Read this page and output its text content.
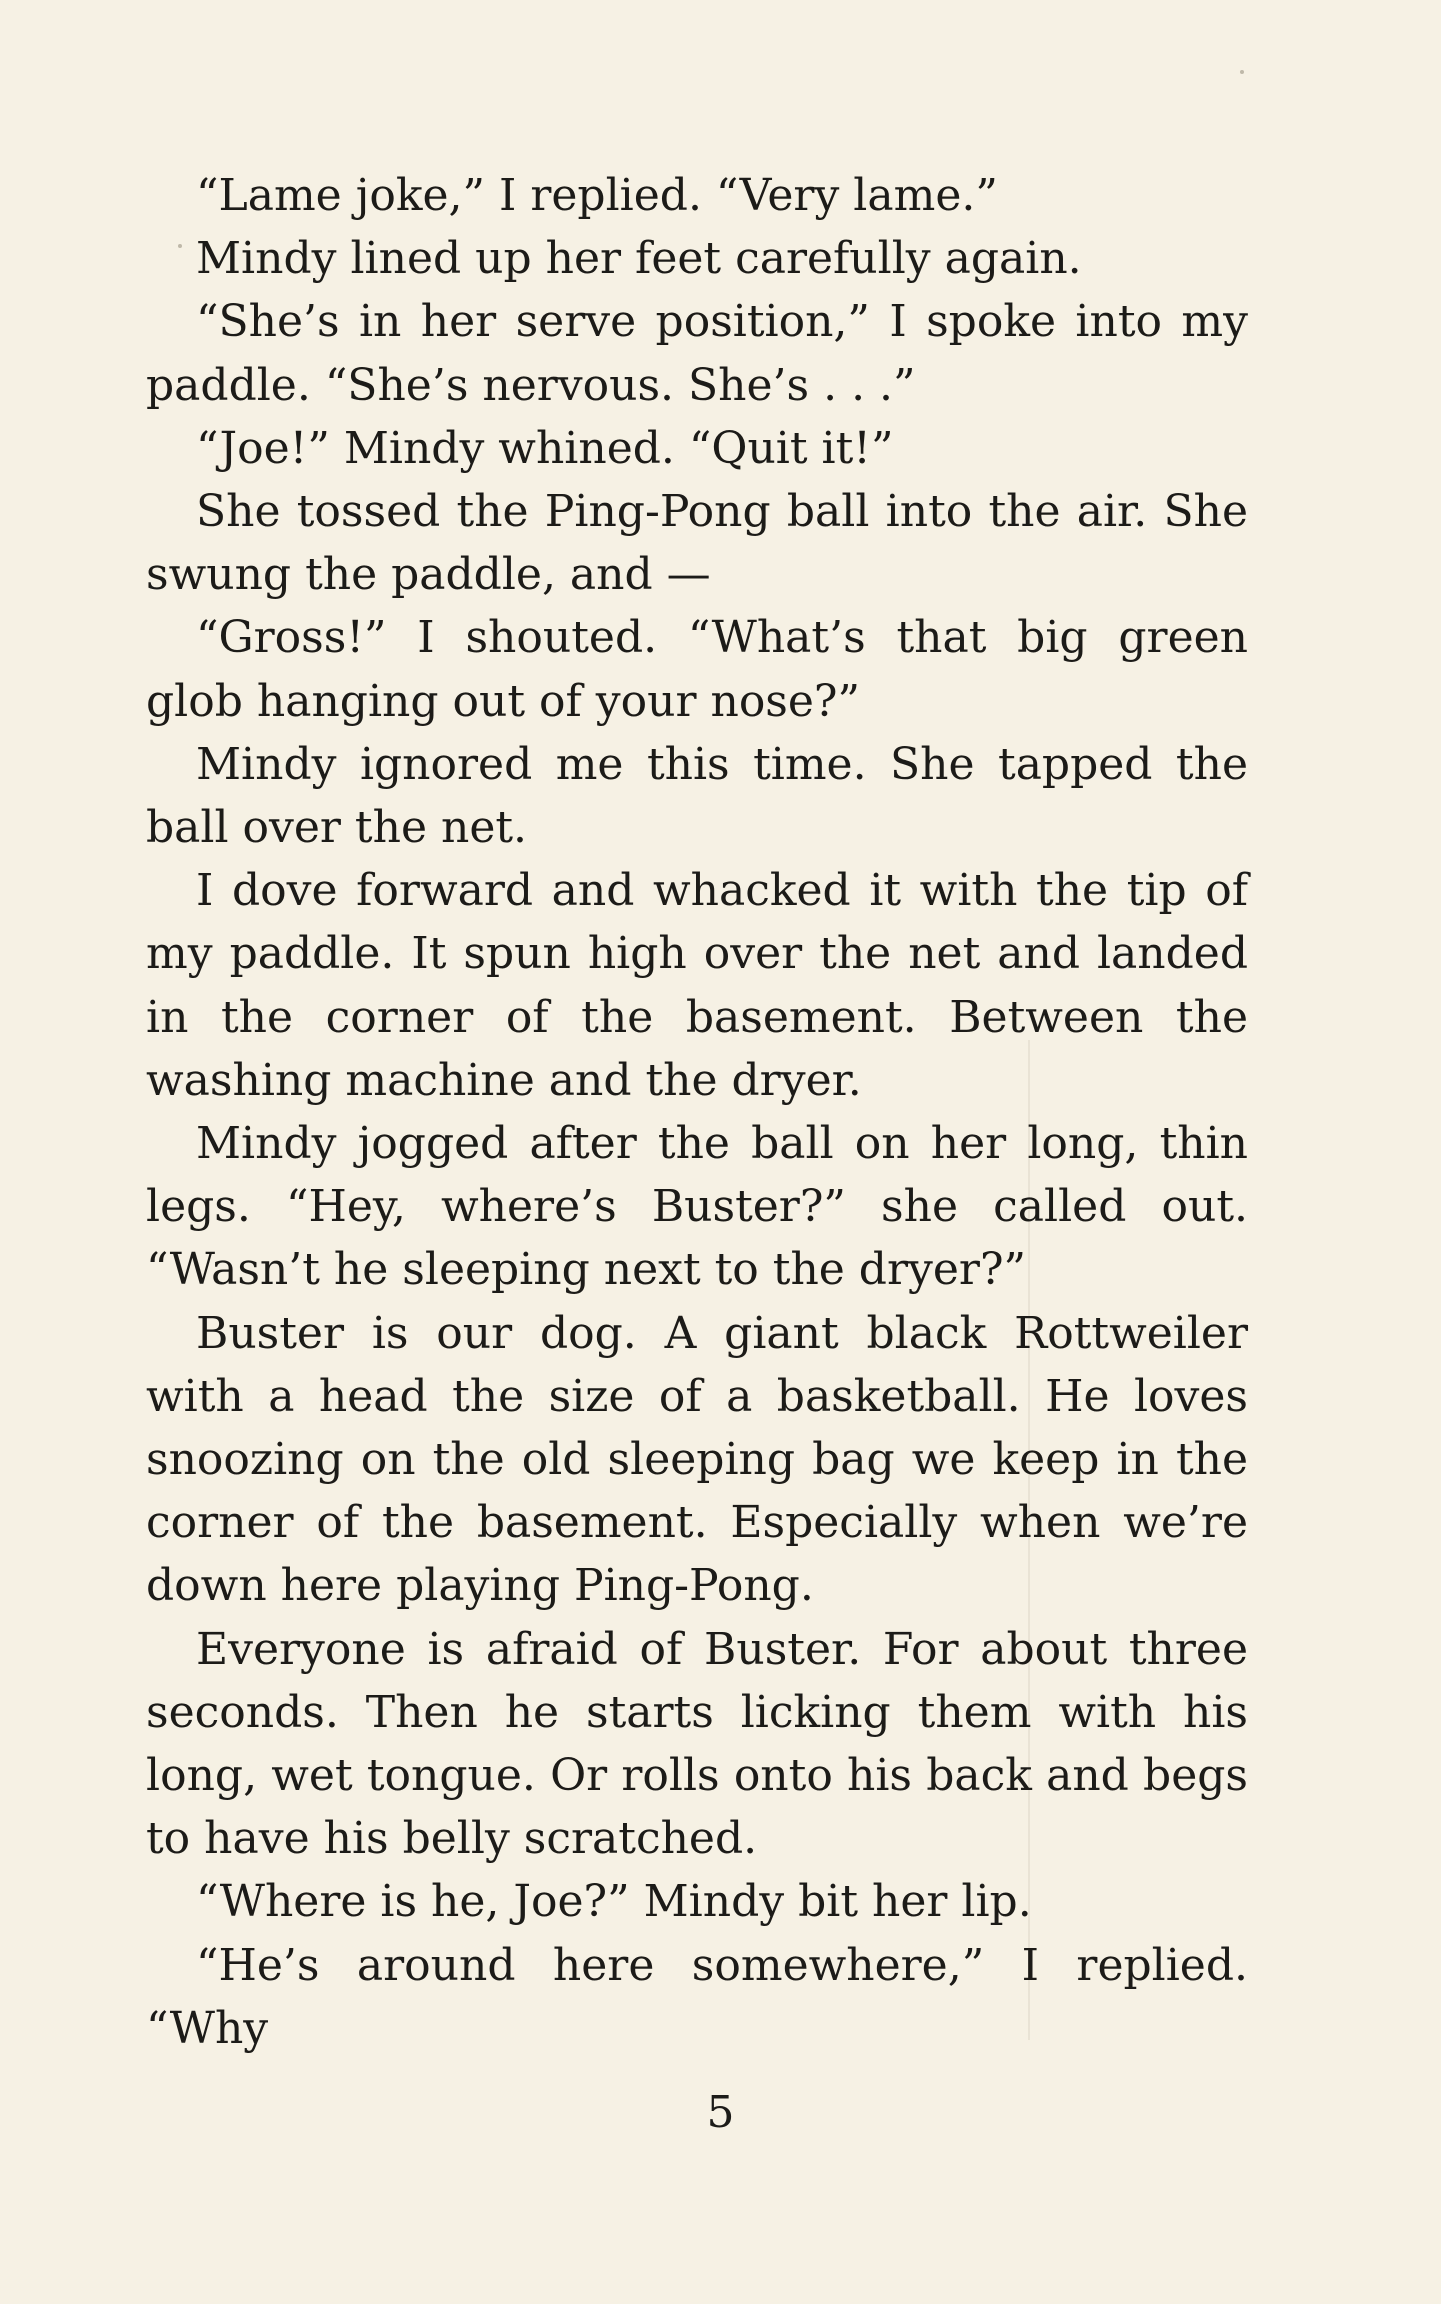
“Lame joke,” I replied. “Very lame.”

Mindy lined up her feet carefully again.

“She’s in her serve position,” I spoke into my paddle. “She’s nervous. She’s . . .”

“Joe!” Mindy whined. “Quit it!”

She tossed the Ping-Pong ball into the air. She swung the paddle, and —

“Gross!” I shouted. “What’s that big green glob hanging out of your nose?”

Mindy ignored me this time. She tapped the ball over the net.

I dove forward and whacked it with the tip of my paddle. It spun high over the net and landed in the corner of the basement. Between the washing machine and the dryer.

Mindy jogged after the ball on her long, thin legs. “Hey, where’s Buster?” she called out. “Wasn’t he sleeping next to the dryer?”

Buster is our dog. A giant black Rottweiler with a head the size of a basketball. He loves snoozing on the old sleeping bag we keep in the corner of the basement. Especially when we’re down here playing Ping-Pong.

Everyone is afraid of Buster. For about three seconds. Then he starts licking them with his long, wet tongue. Or rolls onto his back and begs to have his belly scratched.

“Where is he, Joe?” Mindy bit her lip.

“He’s around here somewhere,” I replied. “Why

5
